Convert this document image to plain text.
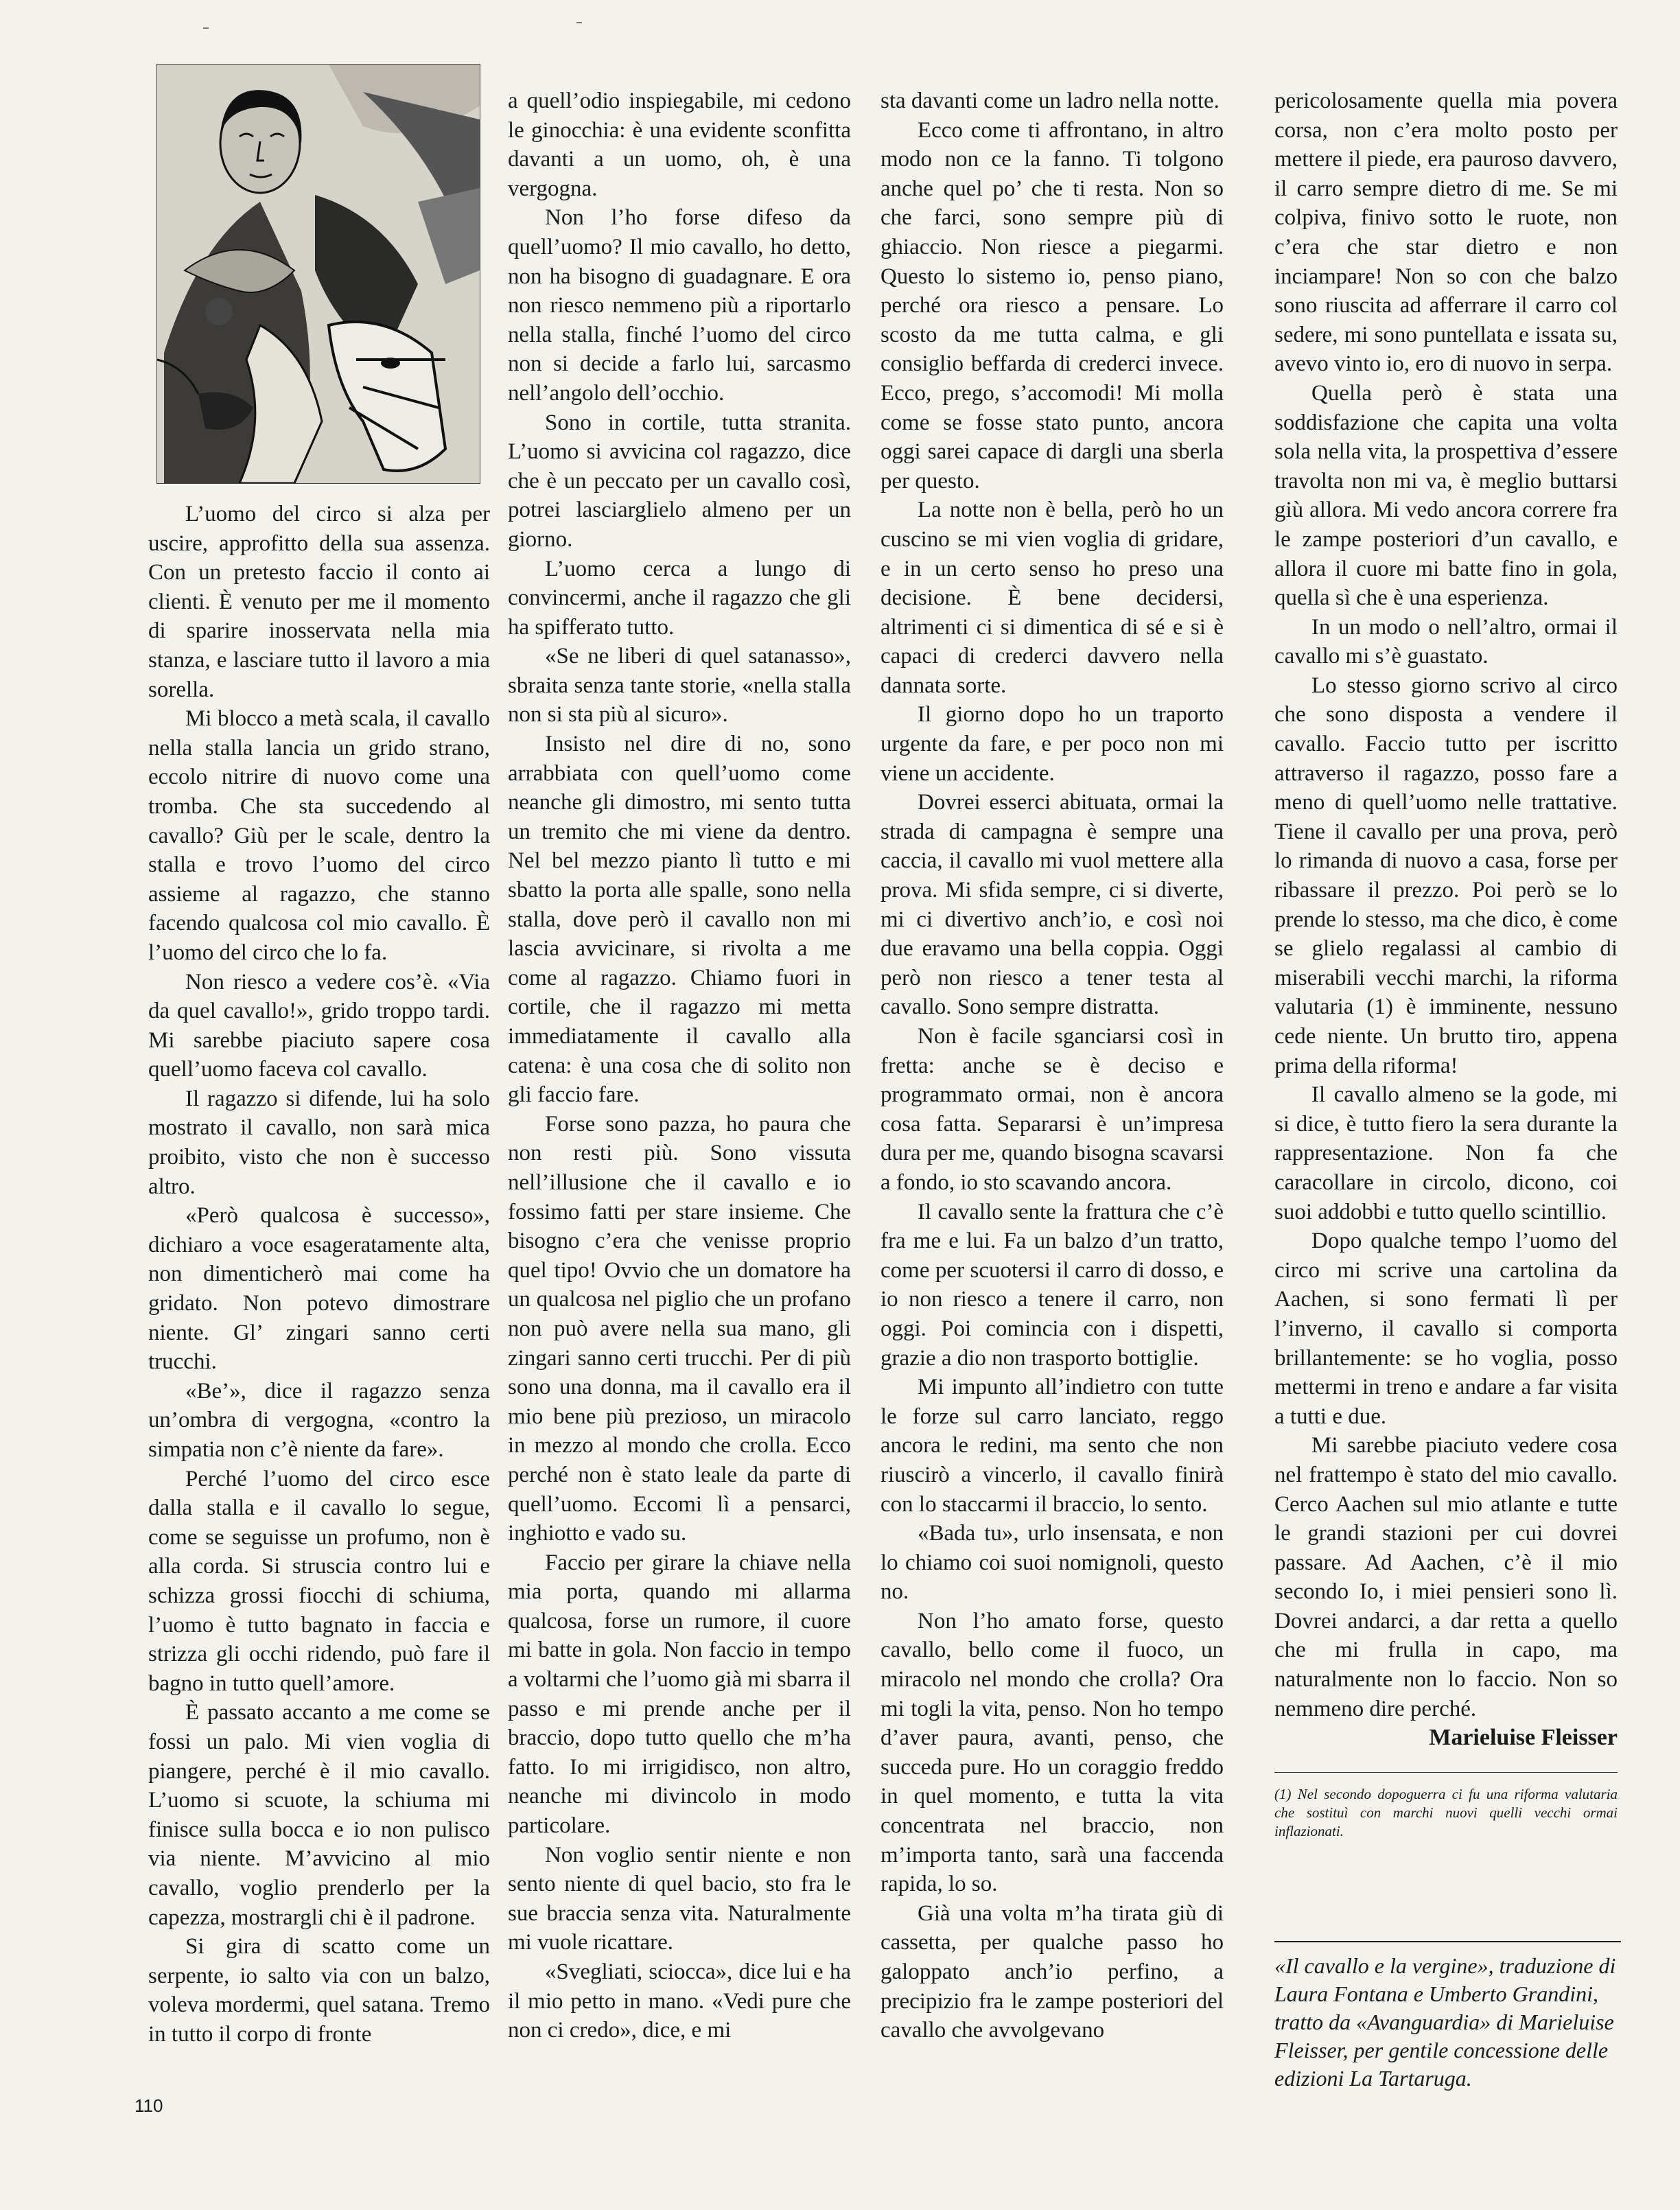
L’uomo del circo si alza per uscire, approfitto della sua assenza. Con un pretesto faccio il conto ai clienti. È venuto per me il momento di sparire inosservata nella mia stanza, e lasciare tutto il lavoro a mia sorella.

Mi blocco a metà scala, il cavallo nella stalla lancia un grido strano, eccolo nitrire di nuovo come una tromba. Che sta succedendo al cavallo? Giù per le scale, dentro la stalla e trovo l’uomo del circo assieme al ragazzo, che stanno facendo qualcosa col mio cavallo. È l’uomo del circo che lo fa.

Non riesco a vedere cos’è. «Via da quel cavallo!», grido troppo tardi. Mi sarebbe piaciuto sapere cosa quell’uomo faceva col cavallo.

Il ragazzo si difende, lui ha solo mostrato il cavallo, non sarà mica proibito, visto che non è successo altro.

«Però qualcosa è successo», dichiaro a voce esageratamente alta, non dimenticherò mai come ha gridato. Non potevo dimostrare niente. Gl’ zingari sanno certi trucchi.

«Be’», dice il ragazzo senza un’ombra di vergogna, «contro la simpatia non c’è niente da fare».

Perché l’uomo del circo esce dalla stalla e il cavallo lo segue, come se seguisse un profumo, non è alla corda. Si struscia contro lui e schizza grossi fiocchi di schiuma, l’uomo è tutto bagnato in faccia e strizza gli occhi ridendo, può fare il bagno in tutto quell’amore.

È passato accanto a me come se fossi un palo. Mi vien voglia di piangere, perché è il mio cavallo. L’uomo si scuote, la schiuma mi finisce sulla bocca e io non pulisco via niente. M’avvicino al mio cavallo, voglio prenderlo per la capezza, mostrargli chi è il padrone.

Si gira di scatto come un serpente, io salto via con un balzo, voleva mordermi, quel satana. Tremo in tutto il corpo di fronte

a quell’odio inspiegabile, mi cedono le ginocchia: è una evidente sconfitta davanti a un uomo, oh, è una vergogna.

Non l’ho forse difeso da quell’uomo? Il mio cavallo, ho detto, non ha bisogno di guadagnare. E ora non riesco nemmeno più a riportarlo nella stalla, finché l’uomo del circo non si decide a farlo lui, sarcasmo nell’angolo dell’occhio.

Sono in cortile, tutta stranita. L’uomo si avvicina col ragazzo, dice che è un peccato per un cavallo così, potrei lasciarglielo almeno per un giorno.

L’uomo cerca a lungo di convincermi, anche il ragazzo che gli ha spifferato tutto.

«Se ne liberi di quel satanasso», sbraita senza tante storie, «nella stalla non si sta più al sicuro».

Insisto nel dire di no, sono arrabbiata con quell’uomo come neanche gli dimostro, mi sento tutta un tremito che mi viene da dentro. Nel bel mezzo pianto lì tutto e mi sbatto la porta alle spalle, sono nella stalla, dove però il cavallo non mi lascia avvicinare, si rivolta a me come al ragazzo. Chiamo fuori in cortile, che il ragazzo mi metta immediatamente il cavallo alla catena: è una cosa che di solito non gli faccio fare.

Forse sono pazza, ho paura che non resti più. Sono vissuta nell’illusione che il cavallo e io fossimo fatti per stare insieme. Che bisogno c’era che venisse proprio quel tipo! Ovvio che un domatore ha un qualcosa nel piglio che un profano non può avere nella sua mano, gli zingari sanno certi trucchi. Per di più sono una donna, ma il cavallo era il mio bene più prezioso, un miracolo in mezzo al mondo che crolla. Ecco perché non è stato leale da parte di quell’uomo. Eccomi lì a pensarci, inghiotto e vado su.

Faccio per girare la chiave nella mia porta, quando mi allarma qualcosa, forse un rumore, il cuore mi batte in gola. Non faccio in tempo a voltarmi che l’uomo già mi sbarra il passo e mi prende anche per il braccio, dopo tutto quello che m’ha fatto. Io mi irrigidisco, non altro, neanche mi divincolo in modo particolare.

Non voglio sentir niente e non sento niente di quel bacio, sto fra le sue braccia senza vita. Naturalmente mi vuole ricattare.

«Svegliati, sciocca», dice lui e ha il mio petto in mano. «Vedi pure che non ci credo», dice, e mi

sta davanti come un ladro nella notte.

Ecco come ti affrontano, in altro modo non ce la fanno. Ti tolgono anche quel po’ che ti resta. Non so che farci, sono sempre più di ghiaccio. Non riesce a piegarmi. Questo lo sistemo io, penso piano, perché ora riesco a pensare. Lo scosto da me tutta calma, e gli consiglio beffarda di crederci invece. Ecco, prego, s’accomodi! Mi molla come se fosse stato punto, ancora oggi sarei capace di dargli una sberla per questo.

La notte non è bella, però ho un cuscino se mi vien voglia di gridare, e in un certo senso ho preso una decisione. È bene decidersi, altrimenti ci si dimentica di sé e si è capaci di crederci davvero nella dannata sorte.

Il giorno dopo ho un traporto urgente da fare, e per poco non mi viene un accidente.

Dovrei esserci abituata, ormai la strada di campagna è sempre una caccia, il cavallo mi vuol mettere alla prova. Mi sfida sempre, ci si diverte, mi ci divertivo anch’io, e così noi due eravamo una bella coppia. Oggi però non riesco a tener testa al cavallo. Sono sempre distratta.

Non è facile sganciarsi così in fretta: anche se è deciso e programmato ormai, non è ancora cosa fatta. Separarsi è un’impresa dura per me, quando bisogna scavarsi a fondo, io sto scavando ancora.

Il cavallo sente la frattura che c’è fra me e lui. Fa un balzo d’un tratto, come per scuotersi il carro di dosso, e io non riesco a tenere il carro, non oggi. Poi comincia con i dispetti, grazie a dio non trasporto bottiglie.

Mi impunto all’indietro con tutte le forze sul carro lanciato, reggo ancora le redini, ma sento che non riuscirò a vincerlo, il cavallo finirà con lo staccarmi il braccio, lo sento.

«Bada tu», urlo insensata, e non lo chiamo coi suoi nomignoli, questo no.

Non l’ho amato forse, questo cavallo, bello come il fuoco, un miracolo nel mondo che crolla? Ora mi togli la vita, penso. Non ho tempo d’aver paura, avanti, penso, che succeda pure. Ho un coraggio freddo in quel momento, e tutta la vita concentrata nel braccio, non m’importa tanto, sarà una faccenda rapida, lo so.

Già una volta m’ha tirata giù di cassetta, per qualche passo ho galoppato anch’io perfino, a precipizio fra le zampe posteriori del cavallo che avvolgevano

pericolosamente quella mia povera corsa, non c’era molto posto per mettere il piede, era pauroso davvero, il carro sempre dietro di me. Se mi colpiva, finivo sotto le ruote, non c’era che star dietro e non inciampare! Non so con che balzo sono riuscita ad afferrare il carro col sedere, mi sono puntellata e issata su, avevo vinto io, ero di nuovo in serpa.

Quella però è stata una soddisfazione che capita una volta sola nella vita, la prospettiva d’essere travolta non mi va, è meglio buttarsi giù allora. Mi vedo ancora correre fra le zampe posteriori d’un cavallo, e allora il cuore mi batte fino in gola, quella sì che è una esperienza.

In un modo o nell’altro, ormai il cavallo mi s’è guastato.

Lo stesso giorno scrivo al circo che sono disposta a vendere il cavallo. Faccio tutto per iscritto attraverso il ragazzo, posso fare a meno di quell’uomo nelle trattative. Tiene il cavallo per una prova, però lo rimanda di nuovo a casa, forse per ribassare il prezzo. Poi però se lo prende lo stesso, ma che dico, è come se glielo regalassi al cambio di miserabili vecchi marchi, la riforma valutaria (1) è imminente, nessuno cede niente. Un brutto tiro, appena prima della riforma!

Il cavallo almeno se la gode, mi si dice, è tutto fiero la sera durante la rappresentazione. Non fa che caracollare in circolo, dicono, coi suoi addobbi e tutto quello scintillio.

Dopo qualche tempo l’uomo del circo mi scrive una cartolina da Aachen, si sono fermati lì per l’inverno, il cavallo si comporta brillantemente: se ho voglia, posso mettermi in treno e andare a far visita a tutti e due.

Mi sarebbe piaciuto vedere cosa nel frattempo è stato del mio cavallo. Cerco Aachen sul mio atlante e tutte le grandi stazioni per cui dovrei passare. Ad Aachen, c’è il mio secondo Io, i miei pensieri sono lì. Dovrei andarci, a dar retta a quello che mi frulla in capo, ma naturalmente non lo faccio. Non so nemmeno dire perché.

Marieluise Fleisser

(1) Nel secondo dopoguerra ci fu una riforma valutaria che sostituì con marchi nuovi quelli vecchi ormai inflazionati.

«Il cavallo e la vergine», traduzione di Laura Fontana e Umberto Grandini, tratto da «Avanguardia» di Marieluise Fleisser, per gentile concessione delle edizioni La Tartaruga.
110
